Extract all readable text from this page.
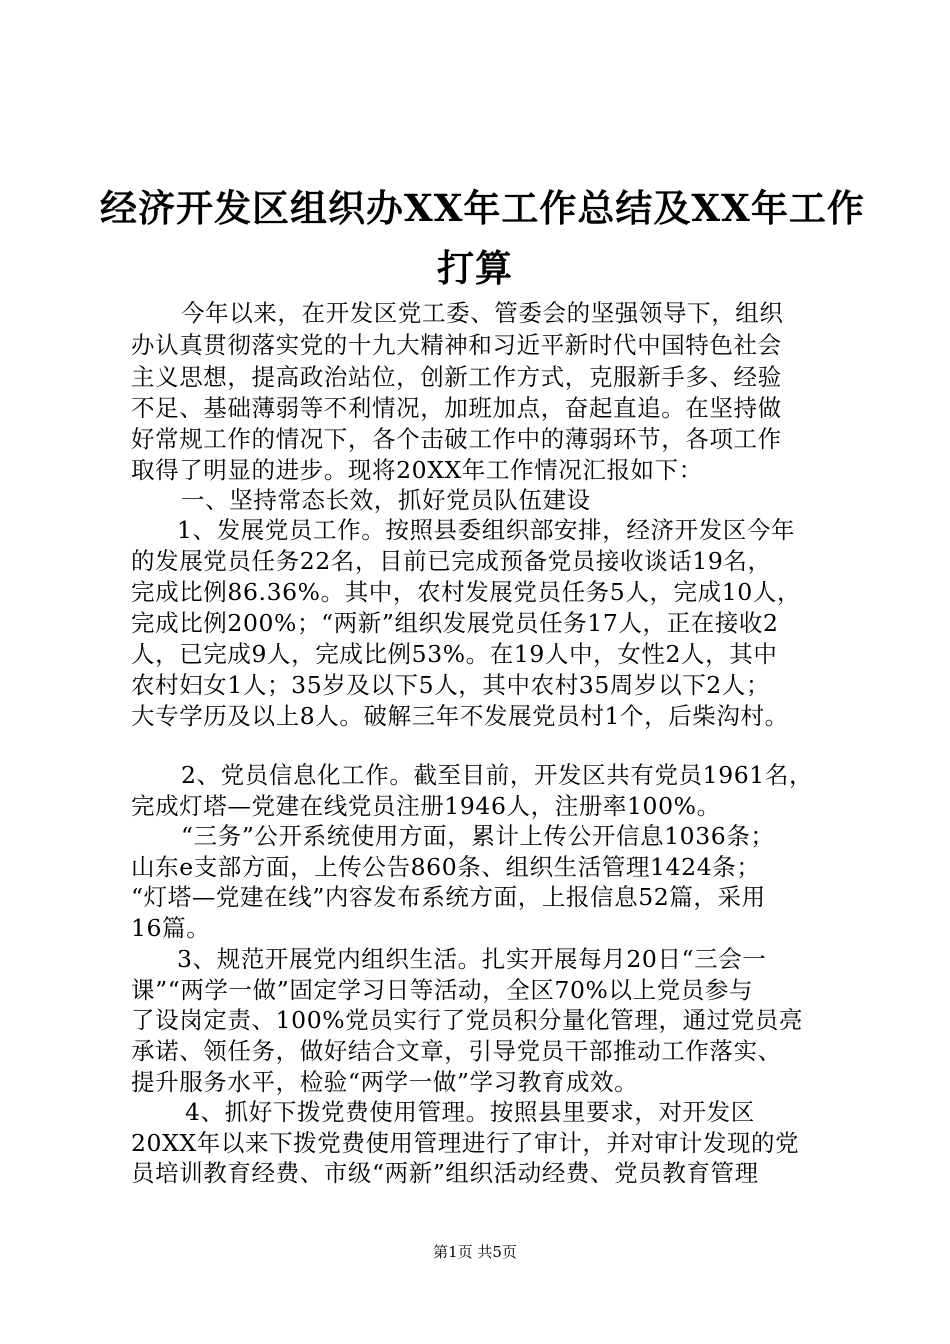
经济开发区组织办XX年工作总结及XX年工作
打算
今年以来，在开发区党工委、管委会的坚强领导下，组织
办认真贯彻落实党的十九大精神和习近平新时代中国特色社会
主义思想，提高政治站位，创新工作方式，克服新手多、经验
不足、基础薄弱等不利情况，加班加点，奋起直追。在坚持做
好常规工作的情况下，各个击破工作中的薄弱环节，各项工作
取得了明显的进步。现将20XX年工作情况汇报如下：
一、坚持常态长效，抓好党员队伍建设
1、发展党员工作。按照县委组织部安排，经济开发区今年
的发展党员任务22名，目前已完成预备党员接收谈话19名，
完成比例86.36%。其中，农村发展党员任务5人，完成10人，
完成比例200%；“两新”组织发展党员任务17人，正在接收2
人，已完成9人，完成比例53%。在19人中，女性2人，其中
农村妇女1人；35岁及以下5人，其中农村35周岁以下2人；
大专学历及以上8人。破解三年不发展党员村1个，后柴沟村。
2、党员信息化工作。截至目前，开发区共有党员1961名，
完成灯塔—党建在线党员注册1946人，注册率100%。
“三务”公开系统使用方面，累计上传公开信息1036条；
山东e支部方面，上传公告860条、组织生活管理1424条；
“灯塔—党建在线”内容发布系统方面，上报信息52篇，采用
16篇。
3、规范开展党内组织生活。扎实开展每月20日“三会一
课”“两学一做”固定学习日等活动，全区70%以上党员参与
了设岗定责、100%党员实行了党员积分量化管理，通过党员亮
承诺、领任务，做好结合文章，引导党员干部推动工作落实、
提升服务水平，检验“两学一做”学习教育成效。
4、抓好下拨党费使用管理。按照县里要求，对开发区
20XX年以来下拨党费使用管理进行了审计，并对审计发现的党
员培训教育经费、市级“两新”组织活动经费、党员教育管理
第1页 共5页
